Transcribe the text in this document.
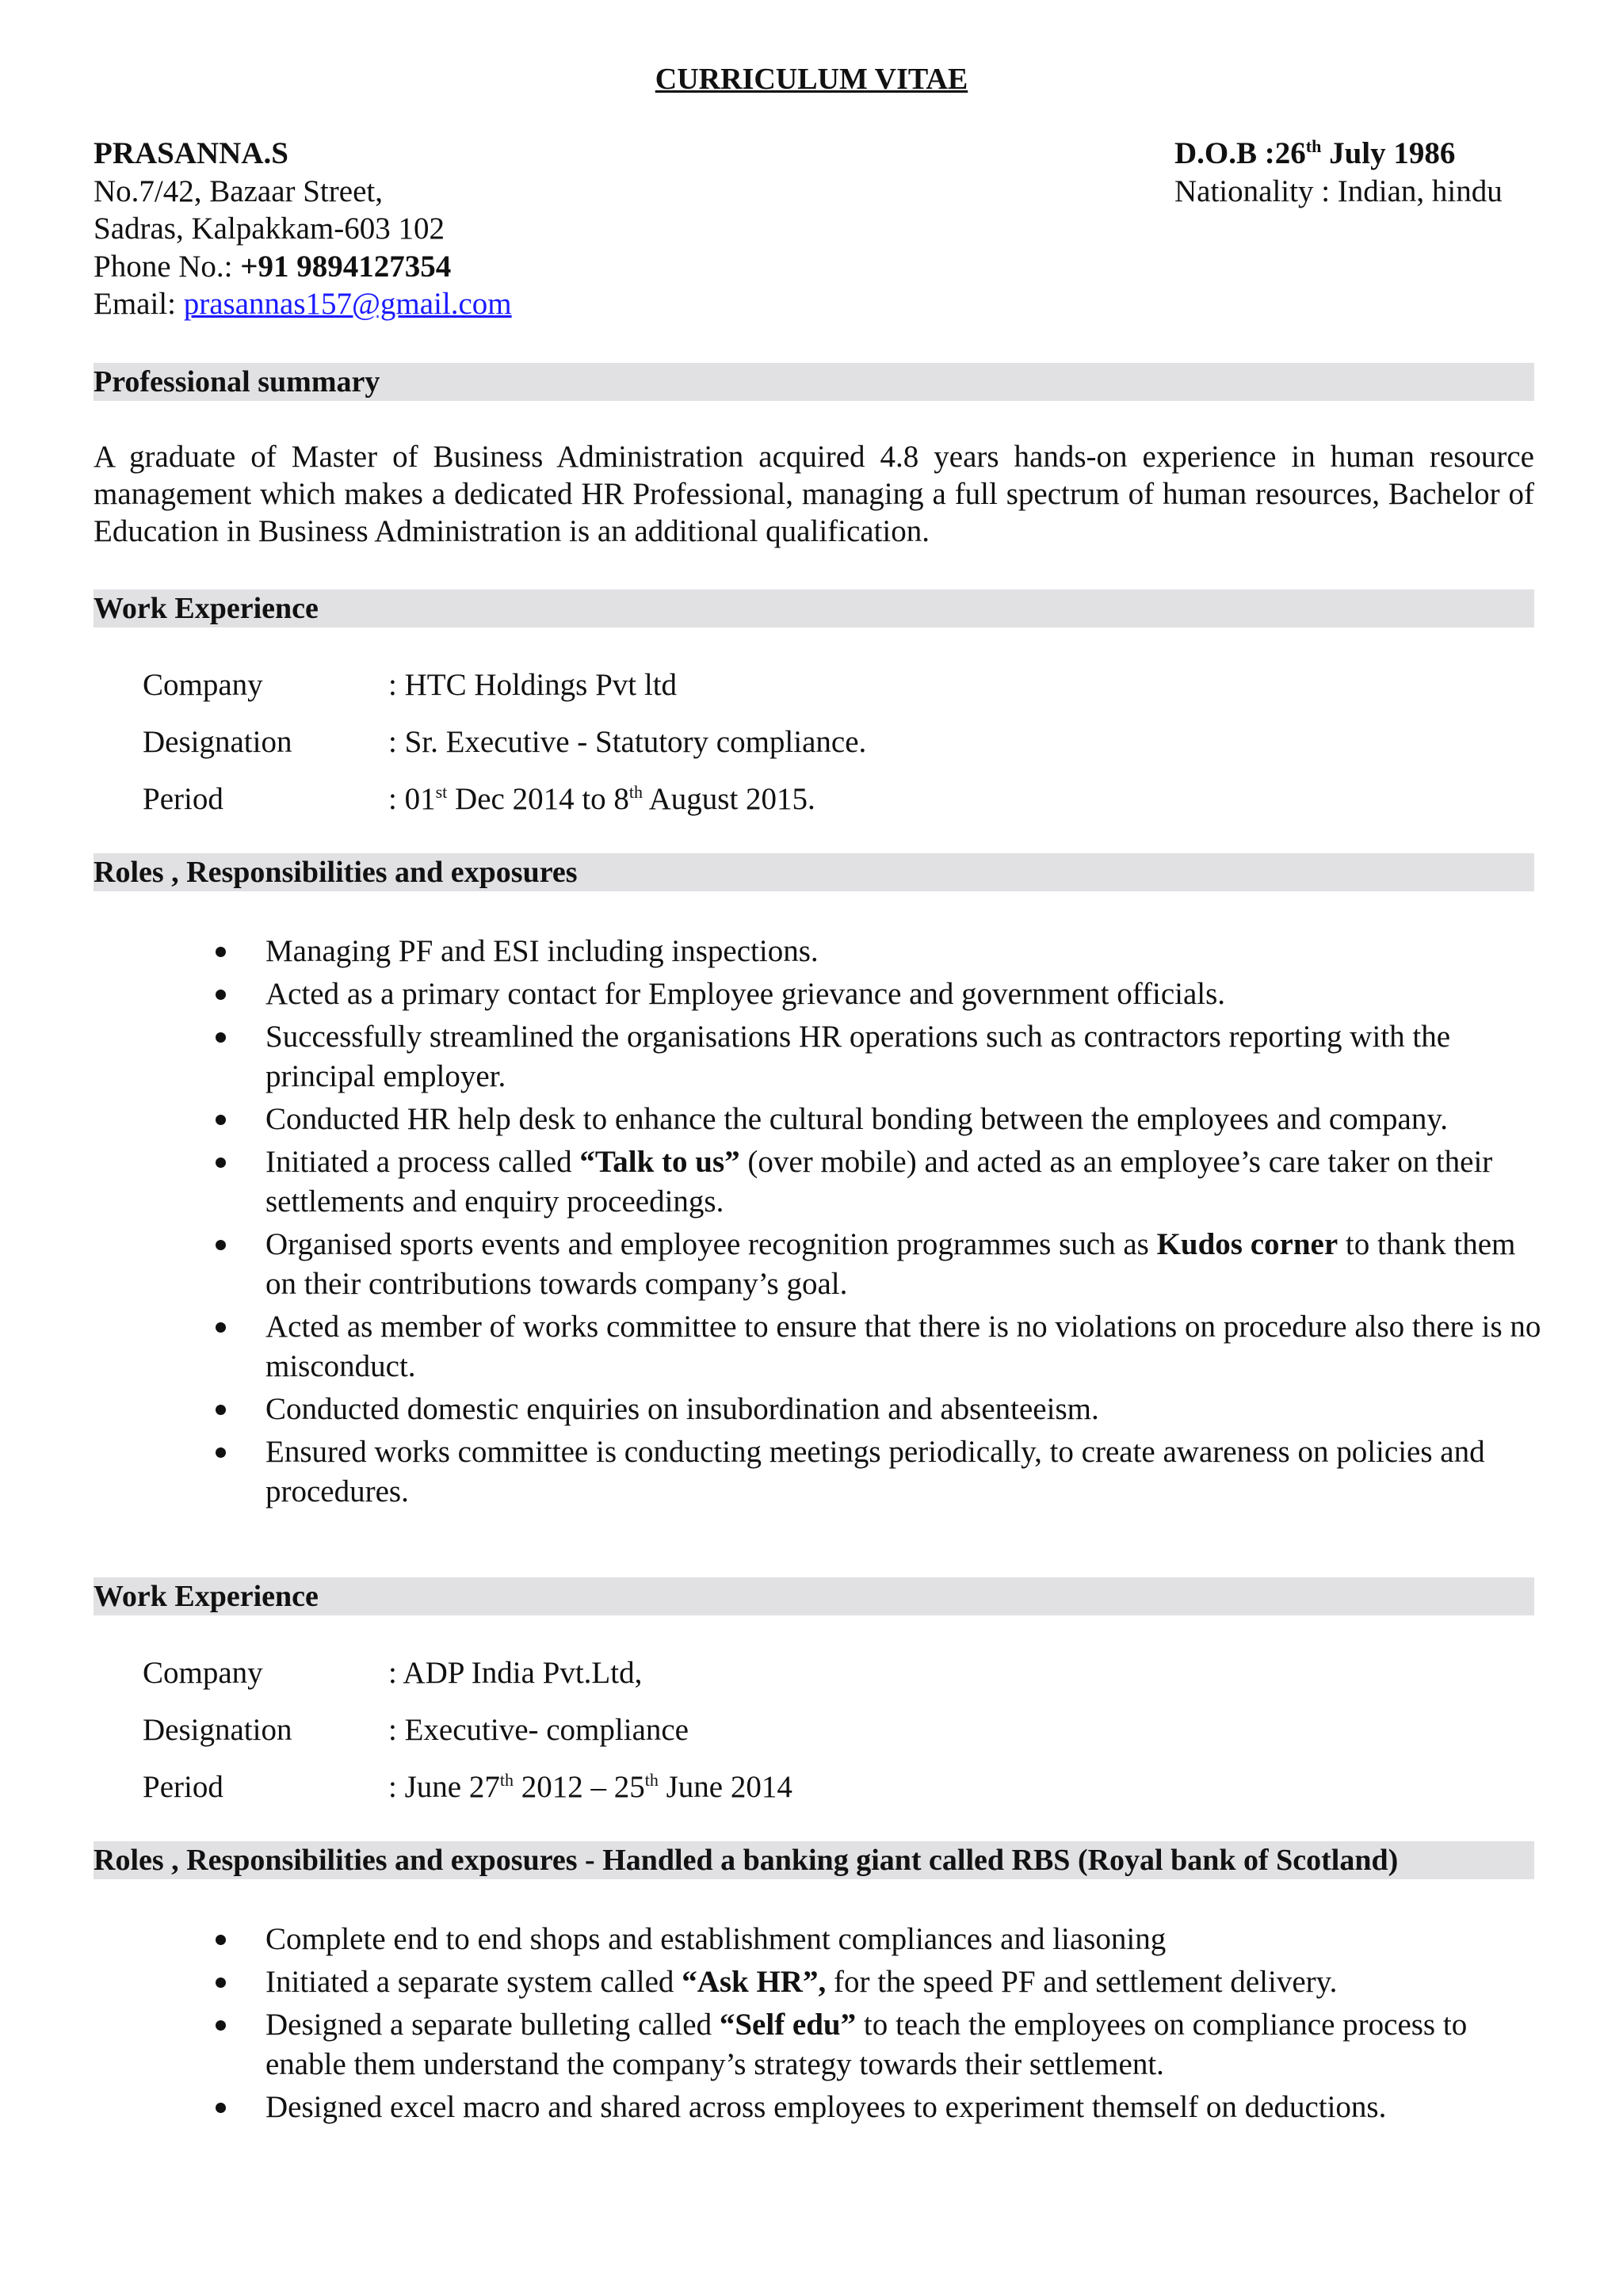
CURRICULUM VITAE
PRASANNA.S
No.7/42, Bazaar Street,
Sadras, Kalpakkam-603 102
Phone No.: +91 9894127354
Email: prasannas157@gmail.com
D.O.B :26th July 1986
Nationality : Indian, hindu
Professional summary
A graduate of Master of Business Administration acquired 4.8 years hands-on experience in human resource management which makes a dedicated HR Professional, managing a full spectrum of human resources, Bachelor of Education in Business Administration is an additional qualification.
Work Experience
Company	: HTC Holdings Pvt ltd
Designation	: Sr. Executive - Statutory compliance.
Period	: 01st Dec 2014 to 8th August 2015.
Roles , Responsibilities and exposures
Managing PF and ESI including inspections.
Acted as a primary contact for Employee grievance and government officials.
Successfully streamlined the organisations HR operations such as contractors reporting with the principal employer.
Conducted HR help desk to enhance the cultural bonding between the employees and company.
Initiated a process called “Talk to us” (over mobile) and acted as an employee’s care taker on their settlements and enquiry proceedings.
Organised sports events and employee recognition programmes such as Kudos corner to thank them on their contributions towards company’s goal.
Acted as member of works committee to ensure that there is no violations on procedure also there is no misconduct.
Conducted domestic enquiries on insubordination and absenteeism.
Ensured works committee is conducting meetings periodically, to create awareness on policies and procedures.
Work Experience
Company	: ADP India Pvt.Ltd,
Designation	: Executive- compliance
Period	: June 27th 2012 – 25th June 2014
Roles , Responsibilities and exposures - Handled a banking giant called RBS (Royal bank of Scotland)
Complete end to end shops and establishment compliances and liasoning
Initiated a separate system called “Ask HR”, for the speed PF and settlement delivery.
Designed a separate bulleting called “Self edu” to teach the employees on compliance process to enable them understand the company’s strategy towards their settlement.
Designed excel macro and shared across employees to experiment themself on deductions.
